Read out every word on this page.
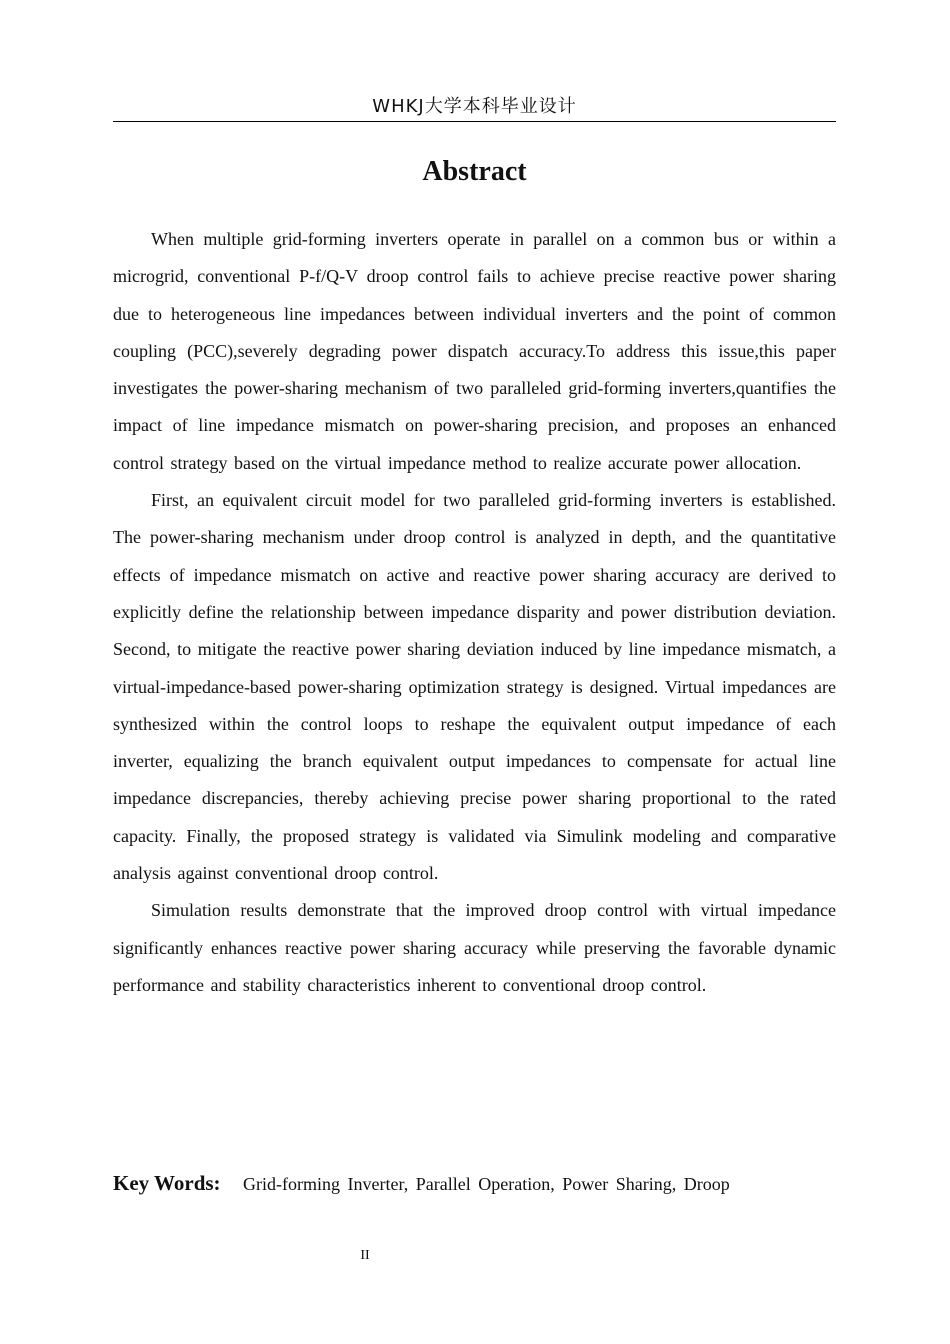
WHKJ大学本科毕业设计
Abstract

When multiple grid-forming inverters operate in parallel on a common bus or within a microgrid, conventional P-f/Q-V droop control fails to achieve precise reactive power sharing due to heterogeneous line impedances between individual inverters and the point of common coupling (PCC),severely degrading power dispatch accuracy.To address this issue,this paper investigates the power-sharing mechanism of two paralleled grid-forming inverters,quantifies the impact of line impedance mismatch on power-sharing precision, and proposes an enhanced control strategy based on the virtual impedance method to realize accurate power allocation.

First, an equivalent circuit model for two paralleled grid-forming inverters is established. The power-sharing mechanism under droop control is analyzed in depth, and the quantitative effects of impedance mismatch on active and reactive power sharing accuracy are derived to explicitly define the relationship between impedance disparity and power distribution deviation. Second, to mitigate the reactive power sharing deviation induced by line impedance mismatch, a virtual-impedance-based power-sharing optimization strategy is designed. Virtual impedances are synthesized within the control loops to reshape the equivalent output impedance of each inverter, equalizing the branch equivalent output impedances to compensate for actual line impedance discrepancies, thereby achieving precise power sharing proportional to the rated capacity. Finally, the proposed strategy is validated via Simulink modeling and comparative analysis against conventional droop control.

Simulation results demonstrate that the improved droop control with virtual impedance significantly enhances reactive power sharing accuracy while preserving the favorable dynamic performance and stability characteristics inherent to conventional droop control.

Key Words: Grid-forming Inverter, Parallel Operation, Power Sharing, Droop
II
